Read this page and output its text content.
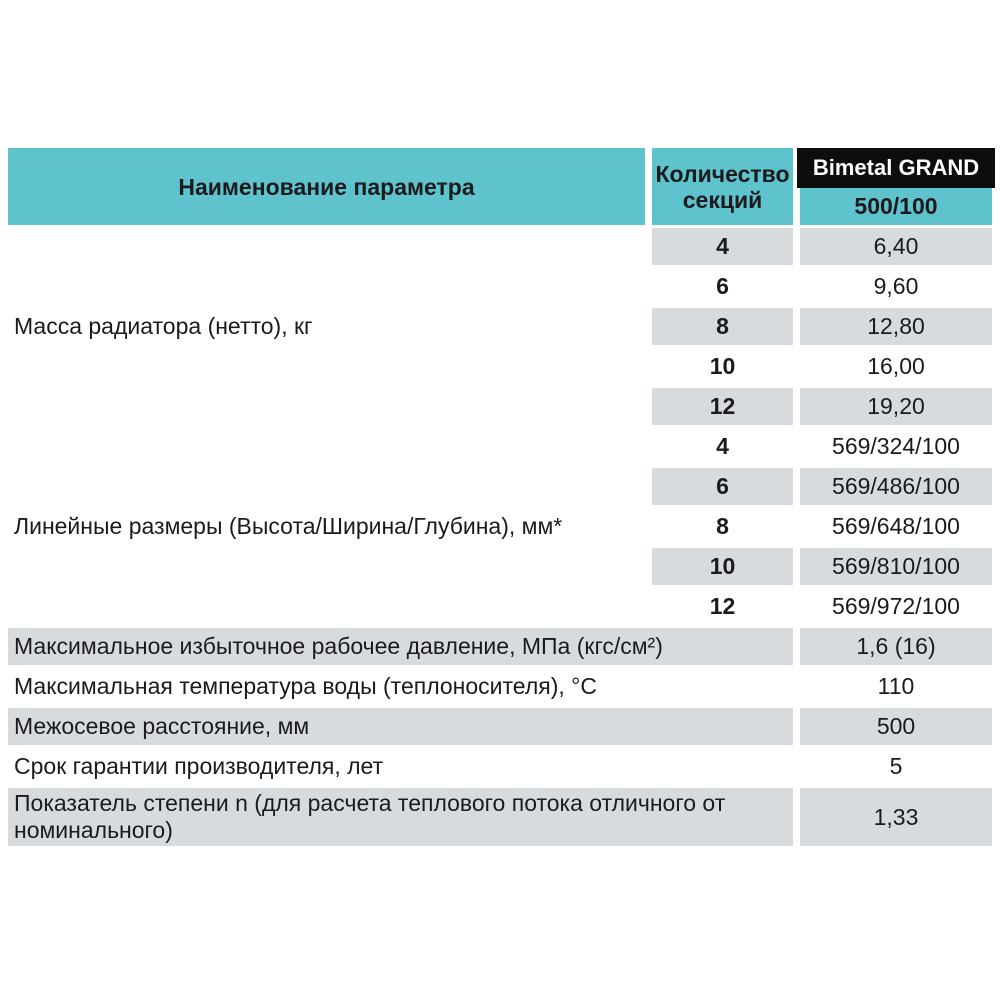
Наименование параметра	Количество секций	Bimetal GRAND
500/100

Масса радиатора (нетто), кг	4	6,40
	6	9,60
	8	12,80
	10	16,00
	12	19,20
Линейные размеры (Высота/Ширина/Глубина), мм*	4	569/324/100
	6	569/486/100
	8	569/648/100
	10	569/810/100
	12	569/972/100
Максимальное избыточное рабочее давление, МПа (кгс/см²)		1,6 (16)
Максимальная температура воды (теплоносителя), °С		110
Межосевое расстояние, мм		500
Срок гарантии производителя, лет		5
Показатель степени n (для расчета теплового потока отличного от номинального)		1,33
